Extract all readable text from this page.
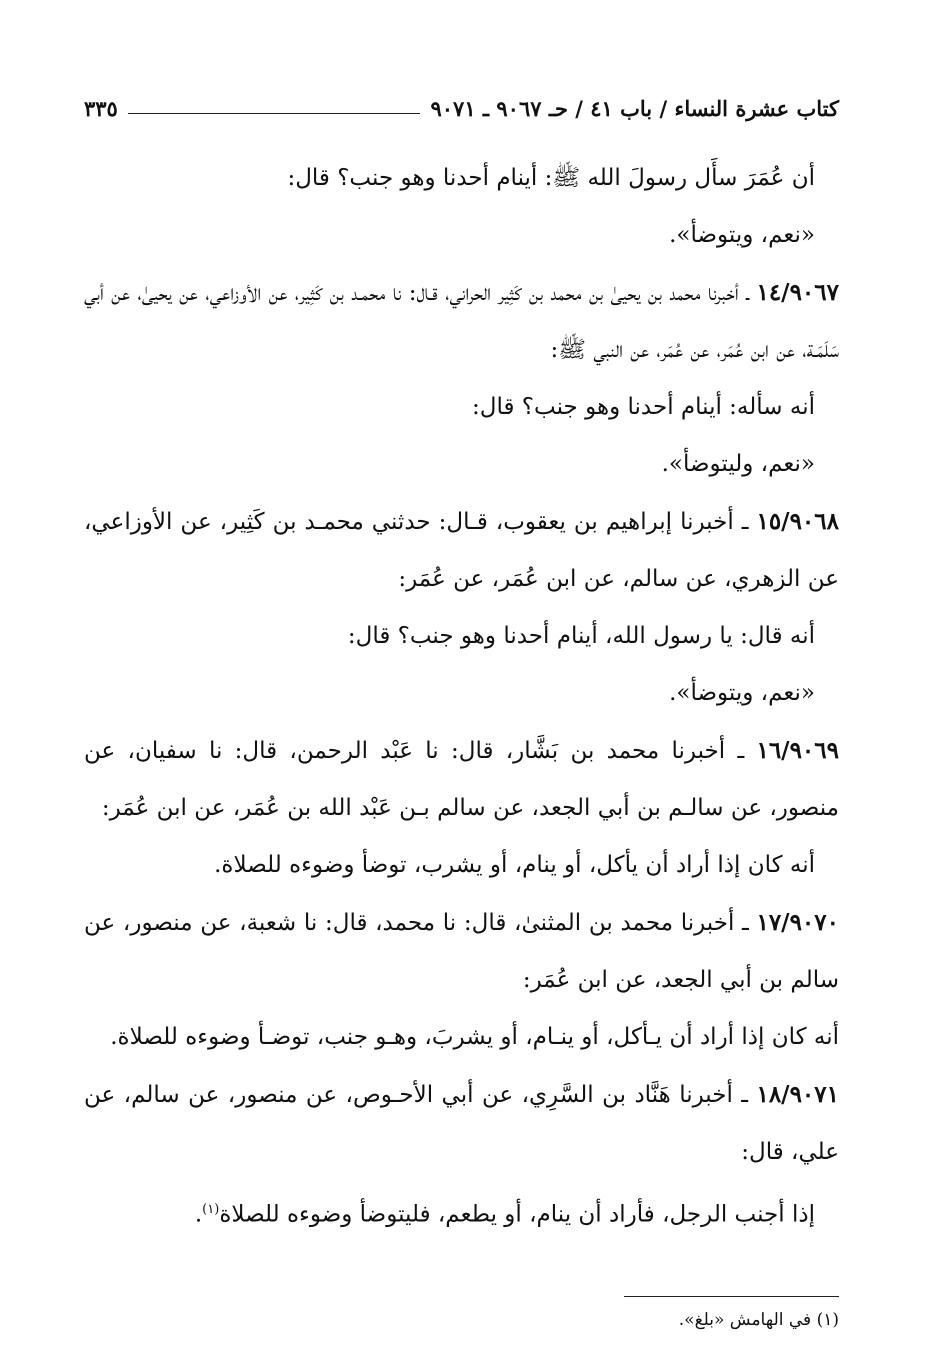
كتاب عشرة النساء / باب ٤١ / حـ ٩٠٦٧ ـ ٩٠٧١
٣٣٥

أن عُمَرَ سأَل رسولَ الله ﷺ: أينام أحدنا وهو جنب؟ قال:

«نعم، ويتوضأ».

١٤/٩٠٦٧ ـ أخبرنا محمد بن يحيىٰ بن محمد بن كَثِير الحراني، قـال: نا محمـد بن كَثِير، عن الأوزاعي، عن يحيىٰ، عن أبي سَلَمَـة، عن ابن عُمَر، عن عُمَر، عن النبي ﷺ:

أنه سأله: أينام أحدنا وهو جنب؟ قال:

«نعم، وليتوضأ».

١٥/٩٠٦٨ ـ أخبرنا إبراهيم بن يعقوب، قـال: حدثني محمـد بن كَثِير، عن الأوزاعي، عن الزهري، عن سالم، عن ابن عُمَر، عن عُمَر:

أنه قال: يا رسول الله، أينام أحدنا وهو جنب؟ قال:

«نعم، ويتوضأ».

١٦/٩٠٦٩ ـ أخبرنا محمد بن بَشَّار، قال: نا عَبْد الرحمن، قال: نا سفيان، عن منصور، عن سالـم بن أبي الجعد، عن سالم بـن عَبْد الله بن عُمَر، عن ابن عُمَر:

أنه كان إذا أراد أن يأكل، أو ينام، أو يشرب، توضأ وضوءه للصلاة.

١٧/٩٠٧٠ ـ أخبرنا محمد بن المثنىٰ، قال: نا محمد، قال: نا شعبة، عن منصور، عن سالم بن أبي الجعد، عن ابن عُمَر:

أنه كان إذا أراد أن يـأكل، أو ينـام، أو يشربَ، وهـو جنب، توضـأ وضوءه للصلاة.

١٨/٩٠٧١ ـ أخبرنا هَنَّاد بن السَّرِي، عن أبي الأحـوص، عن منصور، عن سالم، عن علي، قال:

إذا أجنب الرجل، فأراد أن ينام، أو يطعم، فليتوضأ وضوءه للصلاة$^{(١)}$.

(١) في الهامش «بلغ».
